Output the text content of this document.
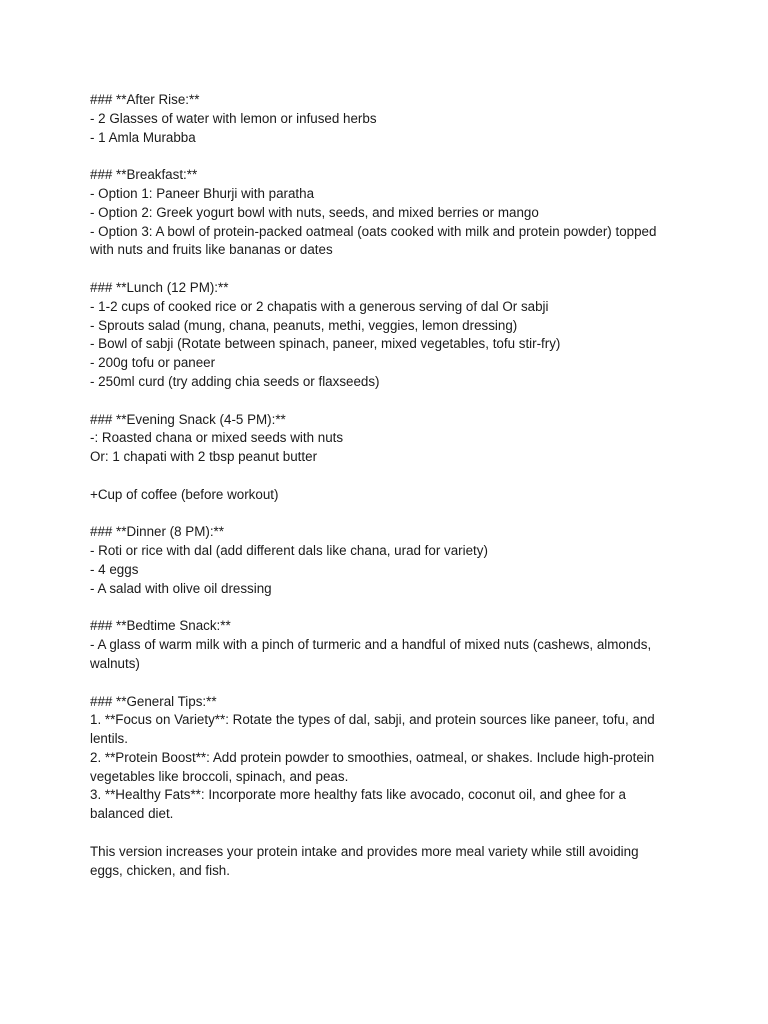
### **After Rise:**

- 2 Glasses of water with lemon or infused herbs

- 1 Amla Murabba

### **Breakfast:**

- Option 1: Paneer Bhurji with paratha

- Option 2: Greek yogurt bowl with nuts, seeds, and mixed berries or mango

- Option 3: A bowl of protein-packed oatmeal (oats cooked with milk and protein powder) topped

with nuts and fruits like bananas or dates

### **Lunch (12 PM):**

- 1-2 cups of cooked rice or 2 chapatis with a generous serving of dal Or sabji

- Sprouts salad (mung, chana, peanuts, methi, veggies, lemon dressing)

- Bowl of sabji (Rotate between spinach, paneer, mixed vegetables, tofu stir-fry)

- 200g tofu or paneer

- 250ml curd (try adding chia seeds or flaxseeds)

### **Evening Snack (4-5 PM):**

-: Roasted chana or mixed seeds with nuts

Or: 1 chapati with 2 tbsp peanut butter

+Cup of coffee (before workout)

### **Dinner (8 PM):**

- Roti or rice with dal (add different dals like chana, urad for variety)

- 4 eggs

- A salad with olive oil dressing

### **Bedtime Snack:**

- A glass of warm milk with a pinch of turmeric and a handful of mixed nuts (cashews, almonds,

walnuts)

### **General Tips:**

1. **Focus on Variety**: Rotate the types of dal, sabji, and protein sources like paneer, tofu, and

lentils.

2. **Protein Boost**: Add protein powder to smoothies, oatmeal, or shakes. Include high-protein

vegetables like broccoli, spinach, and peas.

3. **Healthy Fats**: Incorporate more healthy fats like avocado, coconut oil, and ghee for a

balanced diet.

This version increases your protein intake and provides more meal variety while still avoiding

eggs, chicken, and fish.
